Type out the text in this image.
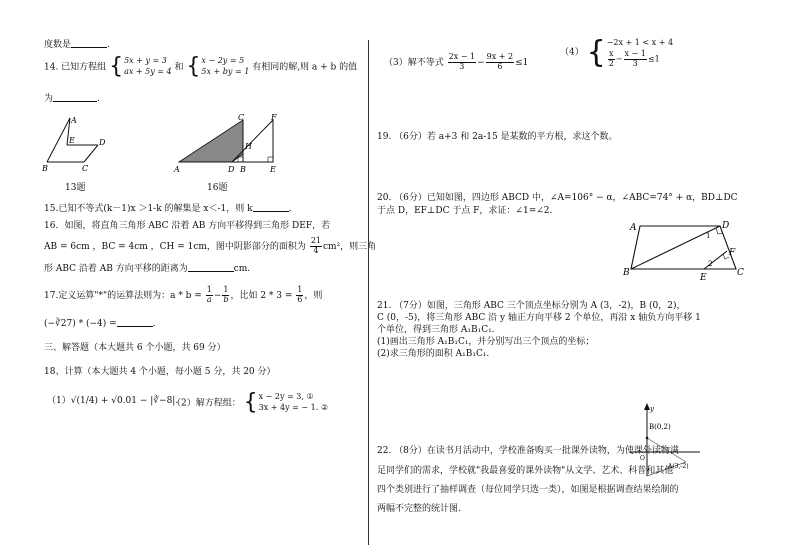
度数是	.
14. 已知方程组 { 5x + y = 3
ax + 5y = 4 和 { x − 2y = 5
5x + by = 1 有相同的解,则 a + b 的值
为	.
A
E	D
B	C
13题
C	F
H
A	D B	E
16题
15.已知不等式(k－1)x ＞1-k 的解集是 x＜-1，则 k	.
16．如图，将直角三角形 ABC 沿着 AB 方向平移得到三角形 DEF，若
AB = 6cm ，BC = 4cm ，CH = 1cm，图中阴影部分的面积为 $\frac{21}{4} cm^2$，则三角
形 ABC 沿着 AB 方向平移的距离为	cm.
17.定义运算"*"的运算法则为：$a * b = \frac{1}{a} - \frac{1}{b}$ ，比如 $2 * 3 = \frac{1}{6}$ ，则
(−∛27) * (−4) =	.
三、解答题（本大题共 6 个小题，共 69 分）
18、计算（本大题共 4 个小题，每小题 5 分，共 20 分）
（1）√(1/4) + √0.01 − |∛−8|.
（2）解方程组： { x − 2y = 3, ①
3x + 4y = − 1. ②
（3）解不等式 $\frac{2x - 1}{3} - \frac{9x + 2}{6} \le 1$
（4） { −2x + 1 < x + 4
$\frac{x}{2} - \frac{x - 1}{3} \le 1$
19. （6分）若 a+3 和 2a-15 是某数的平方根，求这个数。
20. （6分）已知如图，四边形 ABCD 中，∠A=106° − α，∠ABC=74° + α，BD⊥DC
于点 D，EF⊥DC 于点 F，求证：∠1=∠2.
A	D
F
1
2
B	E	C
21. （7分）如图，三角形 ABC 三个顶点坐标分别为 A (3，-2)，B (0，2)，
C (0，-5)，将三角形 ABC 沿 y 轴正方向平移 2 个单位，再沿 x 轴负方向平移 1
个单位，得到三角形 A₁B₁C₁.
(1)画出三角形 A₁B₁C₁，并分别写出三个顶点的坐标；
(2)求三角形的面积 A₁B₁C₁.
y
B(0,2)
A(3,-2)
O
22. （8分）在读书月活动中，学校准备购买一批课外读物，为使课外读物满
足同学们的需求，学校就"我最喜爱的课外读物"从文学、艺术、科普和其他
四个类别进行了抽样调查（每位同学只选一类），如图是根据调查结果绘制的
两幅不完整的统计图.
